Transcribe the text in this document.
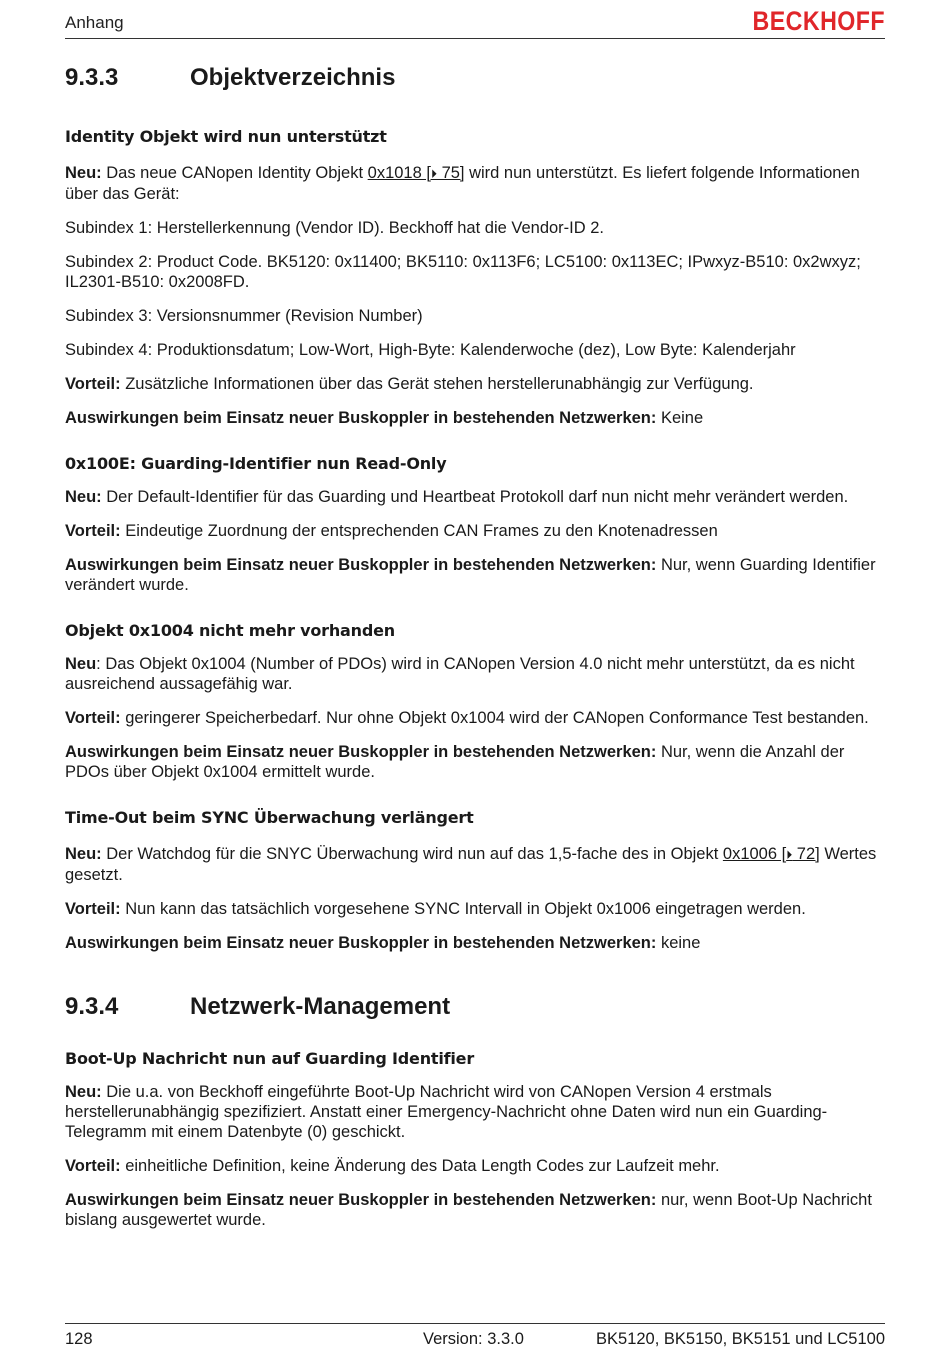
Anhang	BECKHOFF
9.3.3	Objektverzeichnis
Identity Objekt wird nun unterstützt

Neu: Das neue CANopen Identity Objekt 0x1018 [⏵ 75] wird nun unterstützt. Es liefert folgende Informationen über das Gerät:

Subindex 1: Herstellerkennung (Vendor ID). Beckhoff hat die Vendor-ID 2.

Subindex 2: Product Code. BK5120: 0x11400; BK5110: 0x113F6; LC5100: 0x113EC; IPwxyz-B510: 0x2wxyz; IL2301-B510: 0x2008FD.

Subindex 3: Versionsnummer (Revision Number)

Subindex 4: Produktionsdatum; Low-Wort, High-Byte: Kalenderwoche (dez), Low Byte: Kalenderjahr

Vorteil: Zusätzliche Informationen über das Gerät stehen herstellerunabhängig zur Verfügung.

Auswirkungen beim Einsatz neuer Buskoppler in bestehenden Netzwerken: Keine

0x100E: Guarding-Identifier nun Read-Only

Neu: Der Default-Identifier für das Guarding und Heartbeat Protokoll darf nun nicht mehr verändert werden.

Vorteil: Eindeutige Zuordnung der entsprechenden CAN Frames zu den Knotenadressen

Auswirkungen beim Einsatz neuer Buskoppler in bestehenden Netzwerken: Nur, wenn Guarding Identifier verändert wurde.

Objekt 0x1004 nicht mehr vorhanden

Neu: Das Objekt 0x1004 (Number of PDOs) wird in CANopen Version 4.0 nicht mehr unterstützt, da es nicht ausreichend aussagefähig war.

Vorteil: geringerer Speicherbedarf. Nur ohne Objekt 0x1004 wird der CANopen Conformance Test bestanden.

Auswirkungen beim Einsatz neuer Buskoppler in bestehenden Netzwerken: Nur, wenn die Anzahl der PDOs über Objekt 0x1004 ermittelt wurde.

Time-Out beim SYNC Überwachung verlängert

Neu: Der Watchdog für die SNYC Überwachung wird nun auf das 1,5-fache des in Objekt 0x1006 [⏵ 72] Wertes gesetzt.

Vorteil: Nun kann das tatsächlich vorgesehene SYNC Intervall in Objekt 0x1006 eingetragen werden.

Auswirkungen beim Einsatz neuer Buskoppler in bestehenden Netzwerken: keine

9.3.4	Netzwerk-Management
Boot-Up Nachricht nun auf Guarding Identifier

Neu: Die u.a. von Beckhoff eingeführte Boot-Up Nachricht wird von CANopen Version 4 erstmals herstellerunabhängig spezifiziert. Anstatt einer Emergency-Nachricht ohne Daten wird nun ein Guarding-Telegramm mit einem Datenbyte (0) geschickt.

Vorteil: einheitliche Definition, keine Änderung des Data Length Codes zur Laufzeit mehr.

Auswirkungen beim Einsatz neuer Buskoppler in bestehenden Netzwerken: nur, wenn Boot-Up Nachricht bislang ausgewertet wurde.

128	Version: 3.3.0	BK5120, BK5150, BK5151 und LC5100
